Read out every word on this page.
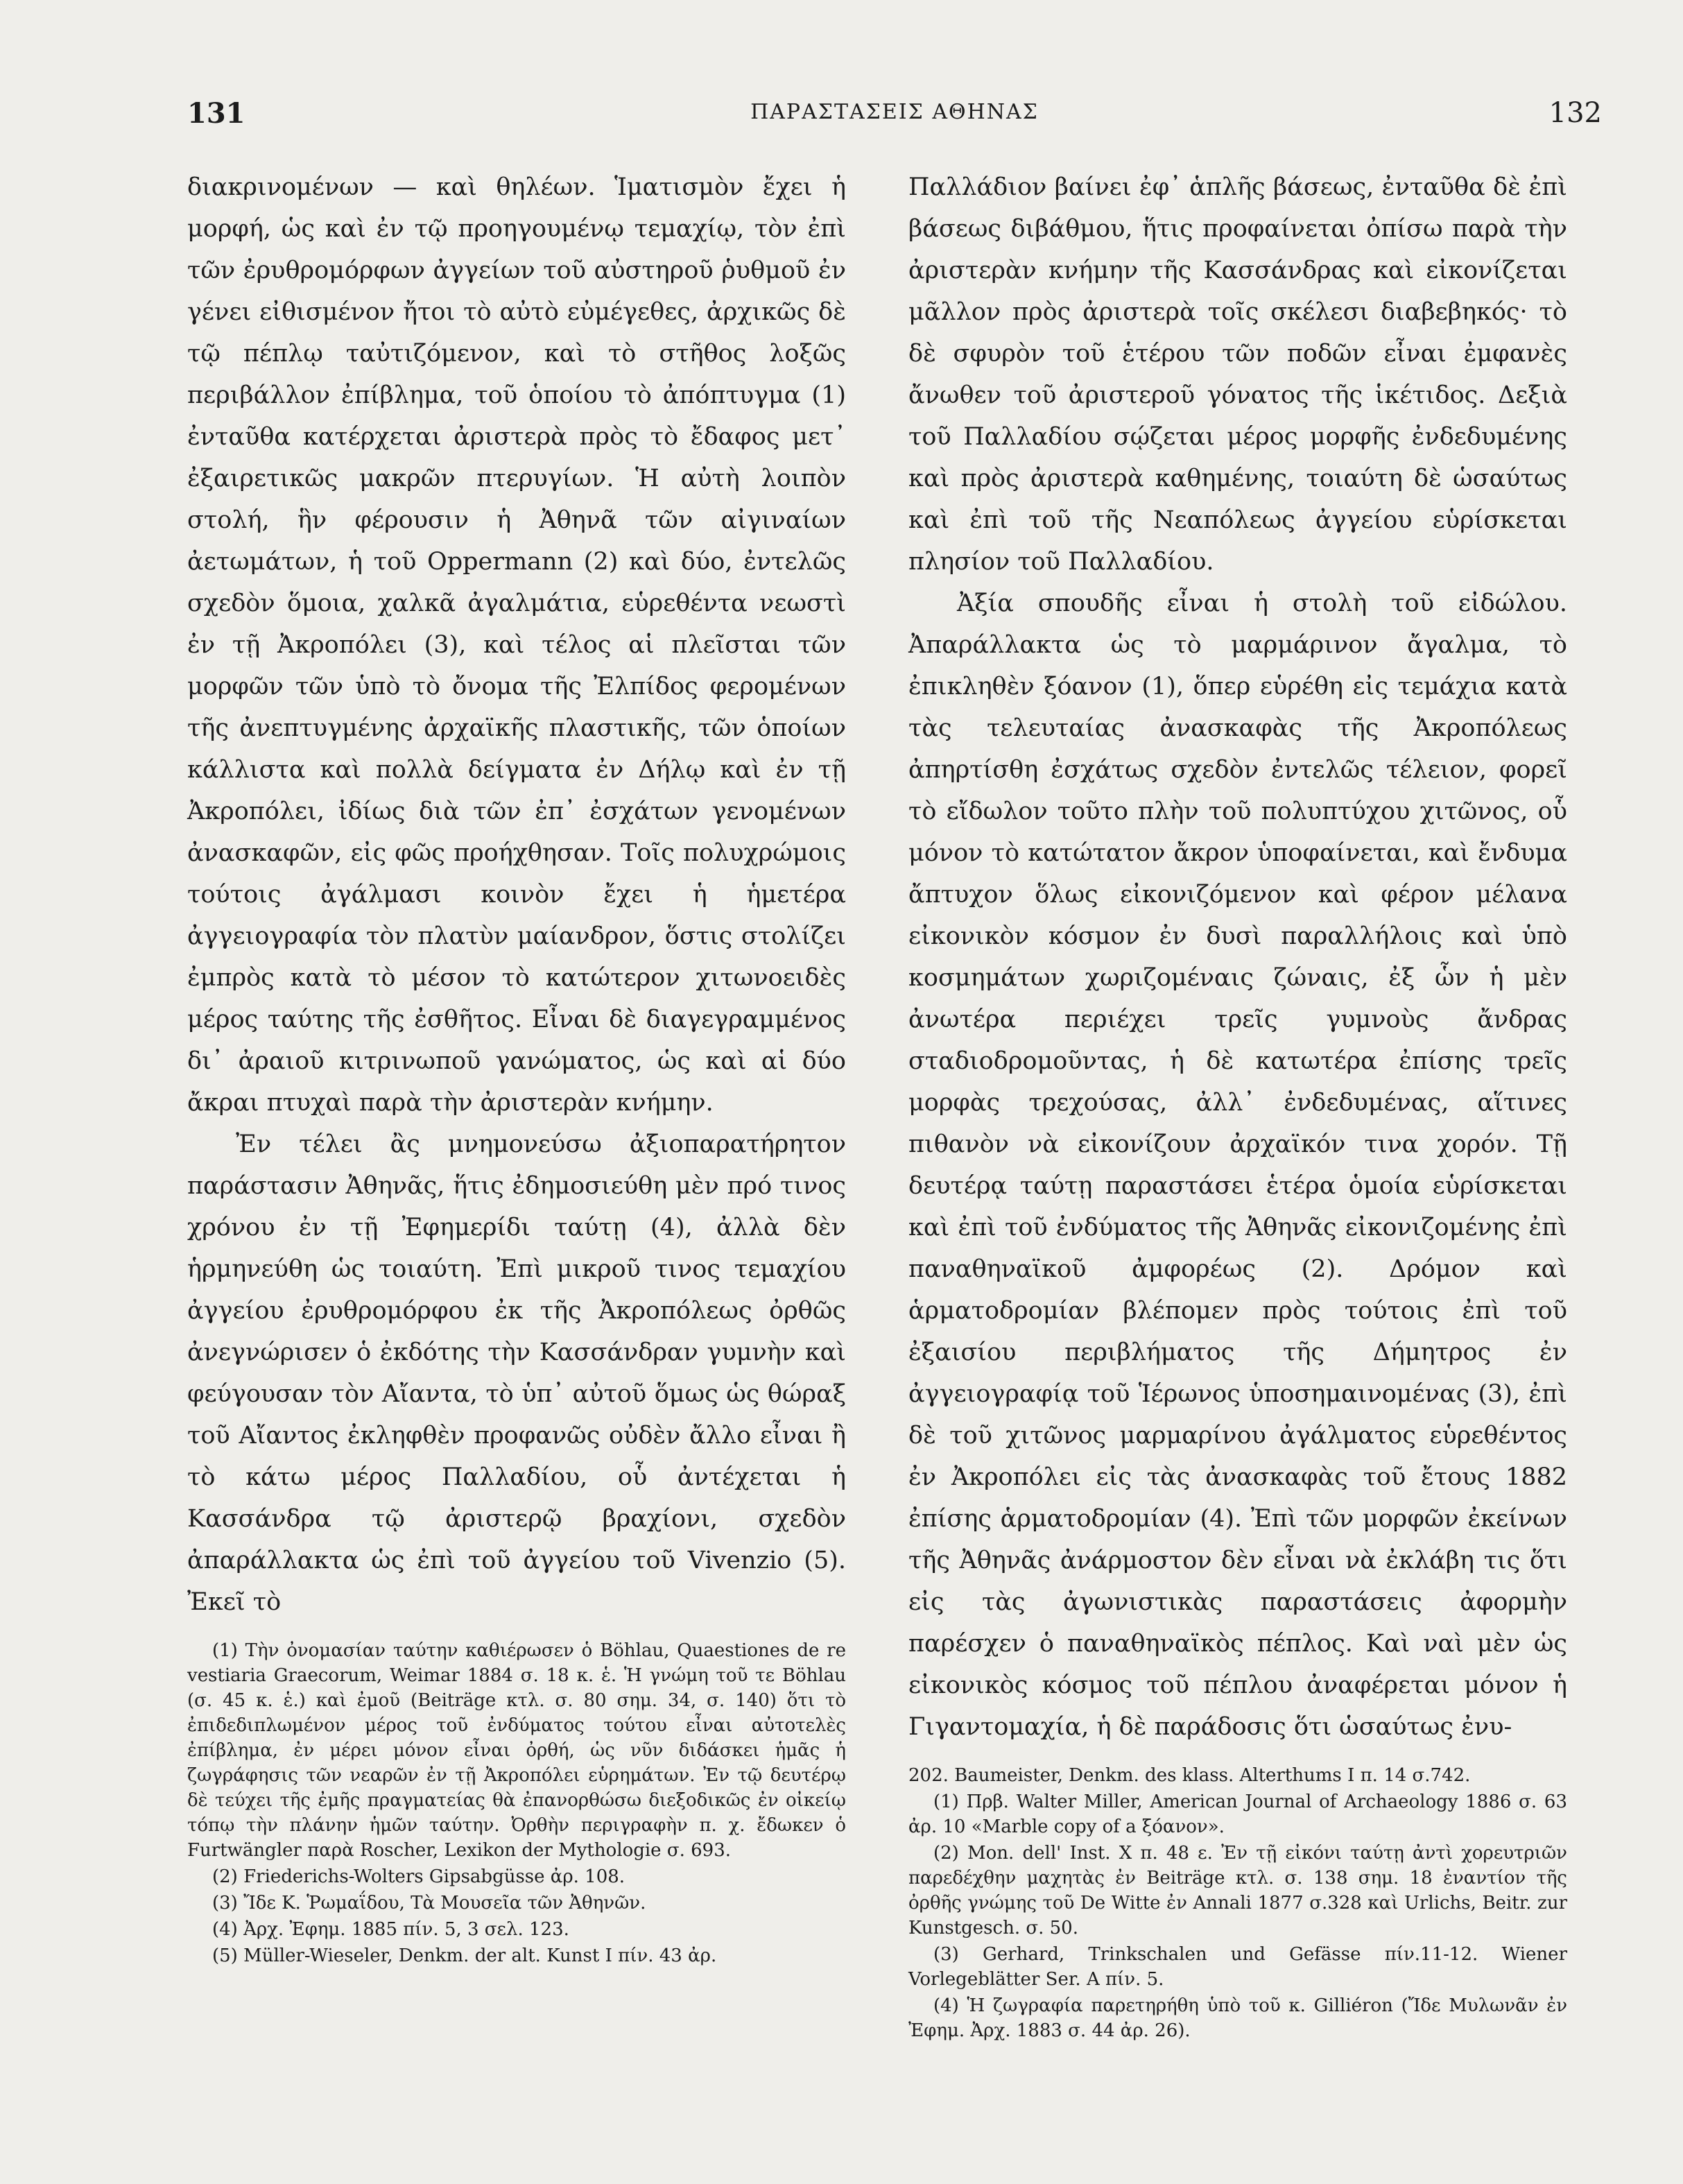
131	ΠΑΡΑΣΤΑΣΕΙΣ ΑΘΗΝΑΣ	132

διακρινομένων — καὶ θηλέων. Ἱματισμὸν ἔχει ἡ μορφή, ὡς καὶ ἐν τῷ προηγουμένῳ τεμαχίῳ, τὸν ἐπὶ τῶν ἐρυθρομόρφων ἀγγείων τοῦ αὐστηροῦ ῥυθμοῦ ἐν γένει εἰθισμένον ἤτοι τὸ αὐτὸ εὐμέγεθες, ἀρχικῶς δὲ τῷ πέπλῳ ταὐτιζόμενον, καὶ τὸ στῆθος λοξῶς περιβάλλον ἐπίβλημα, τοῦ ὁποίου τὸ ἀπόπτυγμα (1) ἐνταῦθα κατέρχεται ἀριστερὰ πρὸς τὸ ἔδαφος μετ᾽ ἐξαιρετικῶς μακρῶν πτερυγίων. Ἡ αὐτὴ λοιπὸν στολή, ἣν φέρουσιν ἡ Ἀθηνᾶ τῶν αἰγιναίων ἀετωμάτων, ἡ τοῦ Oppermann (2) καὶ δύο, ἐντελῶς σχεδὸν ὅμοια, χαλκᾶ ἀγαλμάτια, εὑρεθέντα νεωστὶ ἐν τῇ Ἀκροπόλει (3), καὶ τέλος αἱ πλεῖσται τῶν μορφῶν τῶν ὑπὸ τὸ ὄνομα τῆς Ἐλπίδος φερομένων τῆς ἀνεπτυγμένης ἀρχαϊκῆς πλαστικῆς, τῶν ὁποίων κάλλιστα καὶ πολλὰ δείγματα ἐν Δήλῳ καὶ ἐν τῇ Ἀκροπόλει, ἰδίως διὰ τῶν ἐπ᾽ ἐσχάτων γενομένων ἀνασκαφῶν, εἰς φῶς προήχθησαν. Τοῖς πολυχρώμοις τούτοις ἀγάλμασι κοινὸν ἔχει ἡ ἡμετέρα ἀγγειογραφία τὸν πλατὺν μαίανδρον, ὅστις στολίζει ἐμπρὸς κατὰ τὸ μέσον τὸ κατώτερον χιτωνοειδὲς μέρος ταύτης τῆς ἐσθῆτος. Εἶναι δὲ διαγεγραμμένος δι᾽ ἀραιοῦ κιτρινωποῦ γανώματος, ὡς καὶ αἱ δύο ἄκραι πτυχαὶ παρὰ τὴν ἀριστερὰν κνήμην.

Ἐν τέλει ἂς μνημονεύσω ἀξιοπαρατήρητον παράστασιν Ἀθηνᾶς, ἥτις ἐδημοσιεύθη μὲν πρό τινος χρόνου ἐν τῇ Ἐφημερίδι ταύτῃ (4), ἀλλὰ δὲν ἡρμηνεύθη ὡς τοιαύτη. Ἐπὶ μικροῦ τινος τεμαχίου ἀγγείου ἐρυθρομόρφου ἐκ τῆς Ἀκροπόλεως ὀρθῶς ἀνεγνώρισεν ὁ ἐκδότης τὴν Κασσάνδραν γυμνὴν καὶ φεύγουσαν τὸν Αἴαντα, τὸ ὑπ᾽ αὐτοῦ ὅμως ὡς θώραξ τοῦ Αἴαντος ἐκληφθὲν προφανῶς οὐδὲν ἄλλο εἶναι ἢ τὸ κάτω μέρος Παλλαδίου, οὗ ἀντέχεται ἡ Κασσάνδρα τῷ ἀριστερῷ βραχίονι, σχεδὸν ἀπαράλλακτα ὡς ἐπὶ τοῦ ἀγγείου τοῦ Vivenzio (5). Ἐκεῖ τὸ

(1) Τὴν ὀνομασίαν ταύτην καθιέρωσεν ὁ Böhlau, Quaestiones de re vestiaria Graecorum, Weimar 1884 σ. 18 κ. ἑ. Ἡ γνώμη τοῦ τε Böhlau (σ. 45 κ. ἑ.) καὶ ἐμοῦ (Beiträge κτλ. σ. 80 σημ. 34, σ. 140) ὅτι τὸ ἐπιδεδιπλωμένον μέρος τοῦ ἐνδύματος τούτου εἶναι αὐτοτελὲς ἐπίβλημα, ἐν μέρει μόνον εἶναι ὀρθή, ὡς νῦν διδάσκει ἡμᾶς ἡ ζωγράφησις τῶν νεαρῶν ἐν τῇ Ἀκροπόλει εὑρημάτων. Ἐν τῷ δευτέρῳ δὲ τεύχει τῆς ἐμῆς πραγματείας θὰ ἐπανορθώσω διεξοδικῶς ἐν οἰκείῳ τόπῳ τὴν πλάνην ἡμῶν ταύτην. Ὀρθὴν περιγραφὴν π. χ. ἔδωκεν ὁ Furtwängler παρὰ Roscher, Lexikon der Mythologie σ. 693.

(2) Friederichs-Wolters Gipsabgüsse ἀρ. 108.

(3) Ἴδε Κ. Ῥωμαΐδου, Τὰ Μουσεῖα τῶν Ἀθηνῶν.

(4) Ἀρχ. Ἐφημ. 1885 πίν. 5, 3 σελ. 123.

(5) Müller-Wieseler, Denkm. der alt. Kunst I πίν. 43 ἀρ.

Παλλάδιον βαίνει ἐφ᾽ ἁπλῆς βάσεως, ἐνταῦθα δὲ ἐπὶ βάσεως διβάθμου, ἥτις προφαίνεται ὀπίσω παρὰ τὴν ἀριστερὰν κνήμην τῆς Κασσάνδρας καὶ εἰκονίζεται μᾶλλον πρὸς ἀριστερὰ τοῖς σκέλεσι διαβεβηκός· τὸ δὲ σφυρὸν τοῦ ἑτέρου τῶν ποδῶν εἶναι ἐμφανὲς ἄνωθεν τοῦ ἀριστεροῦ γόνατος τῆς ἱκέτιδος. Δεξιὰ τοῦ Παλλαδίου σῴζεται μέρος μορφῆς ἐνδεδυμένης καὶ πρὸς ἀριστερὰ καθημένης, τοιαύτη δὲ ὡσαύτως καὶ ἐπὶ τοῦ τῆς Νεαπόλεως ἀγγείου εὑρίσκεται πλησίον τοῦ Παλλαδίου.

Ἀξία σπουδῆς εἶναι ἡ στολὴ τοῦ εἰδώλου. Ἀπαράλλακτα ὡς τὸ μαρμάρινον ἄγαλμα, τὸ ἐπικληθὲν ξόανον (1), ὅπερ εὑρέθη εἰς τεμάχια κατὰ τὰς τελευταίας ἀνασκαφὰς τῆς Ἀκροπόλεως ἀπηρτίσθη ἐσχάτως σχεδὸν ἐντελῶς τέλειον, φορεῖ τὸ εἴδωλον τοῦτο πλὴν τοῦ πολυπτύχου χιτῶνος, οὗ μόνον τὸ κατώτατον ἄκρον ὑποφαίνεται, καὶ ἔνδυμα ἄπτυχον ὅλως εἰκονιζόμενον καὶ φέρον μέλανα εἰκονικὸν κόσμον ἐν δυσὶ παραλλήλοις καὶ ὑπὸ κοσμημάτων χωριζομέναις ζώναις, ἐξ ὧν ἡ μὲν ἀνωτέρα περιέχει τρεῖς γυμνοὺς ἄνδρας σταδιοδρομοῦντας, ἡ δὲ κατωτέρα ἐπίσης τρεῖς μορφὰς τρεχούσας, ἀλλ᾽ ἐνδεδυμένας, αἵτινες πιθανὸν νὰ εἰκονίζουν ἀρχαϊκόν τινα χορόν. Τῇ δευτέρᾳ ταύτῃ παραστάσει ἑτέρα ὁμοία εὑρίσκεται καὶ ἐπὶ τοῦ ἐνδύματος τῆς Ἀθηνᾶς εἰκονιζομένης ἐπὶ παναθηναϊκοῦ ἀμφορέως (2). Δρόμον καὶ ἁρματοδρομίαν βλέπομεν πρὸς τούτοις ἐπὶ τοῦ ἐξαισίου περιβλήματος τῆς Δήμητρος ἐν ἀγγειογραφίᾳ τοῦ Ἱέρωνος ὑποσημαινομένας (3), ἐπὶ δὲ τοῦ χιτῶνος μαρμαρίνου ἀγάλματος εὑρεθέντος ἐν Ἀκροπόλει εἰς τὰς ἀνασκαφὰς τοῦ ἔτους 1882 ἐπίσης ἁρματοδρομίαν (4). Ἐπὶ τῶν μορφῶν ἐκείνων τῆς Ἀθηνᾶς ἀνάρμοστον δὲν εἶναι νὰ ἐκλάβη τις ὅτι εἰς τὰς ἀγωνιστικὰς παραστάσεις ἀφορμὴν παρέσχεν ὁ παναθηναϊκὸς πέπλος. Καὶ ναὶ μὲν ὡς εἰκονικὸς κόσμος τοῦ πέπλου ἀναφέρεται μόνον ἡ Γιγαντομαχία, ἡ δὲ παράδοσις ὅτι ὡσαύτως ἐνυ-

202. Baumeister, Denkm. des klass. Alterthums I π. 14 σ.742.

(1) Πρβ. Walter Miller, American Journal of Archaeology 1886 σ. 63 ἀρ. 10 «Marble copy of a ξόανον».

(2) Mon. dell' Inst. X π. 48 ε. Ἐν τῇ εἰκόνι ταύτῃ ἀντὶ χορευτριῶν παρεδέχθην μαχητὰς ἐν Beiträge κτλ. σ. 138 σημ. 18 ἐναντίον τῆς ὀρθῆς γνώμης τοῦ De Witte ἐν Annali 1877 σ.328 καὶ Urlichs, Beitr. zur Kunstgesch. σ. 50.

(3) Gerhard, Trinkschalen und Gefässe πίν.11-12. Wiener Vorlegeblätter Ser. A πίν. 5.

(4) Ἡ ζωγραφία παρετηρήθη ὑπὸ τοῦ κ. Gilliéron (Ἴδε Μυλωνᾶν ἐν Ἐφημ. Ἀρχ. 1883 σ. 44 ἀρ. 26).
